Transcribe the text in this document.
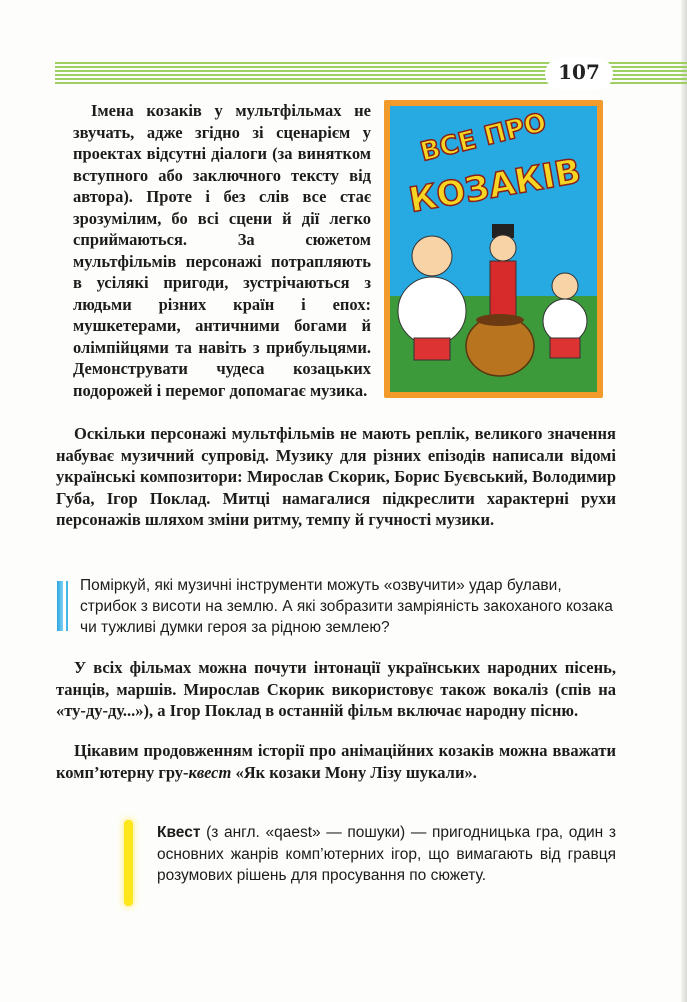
107

Імена козаків у мультфільмах не звучать, адже згідно зі сценарієм у проектах відсутні діалоги (за винятком вступного або заключного тексту від автора). Проте і без слів все стає зрозумілим, бо всі сцени й дії легко сприймаються. За сюжетом мультфільмів персонажі потрапляють в усілякі пригоди, зустрічаються з людьми різних країн і епох: мушкетерами, античними богами й олімпійцями та навіть з прибульцями. Демонструвати чудеса козацьких подорожей і перемог допомагає музика.

ВСЕ ПРО
КОЗАКІВ

Оскільки персонажі мультфільмів не мають реплік, великого значення набуває музичний супровід. Музику для різних епізодів написали відомі українські композитори: Мирослав Скорик, Борис Буєвський, Володимир Губа, Ігор Поклад. Митці намагалися підкреслити характерні рухи персонажів шляхом зміни ритму, темпу й гучності музики.

Поміркуй, які музичні інструменти можуть «озвучити» удар булави, стрибок з висоти на землю. А які зобразити замріяність закоханого козака чи тужливі думки героя за рідною землею?

У всіх фільмах можна почути інтонації українських народних пісень, танців, маршів. Мирослав Скорик використовує також вокаліз (спів на «ту-ду-ду...»), а Ігор Поклад в останній фільм включає народну пісню.

Цікавим продовженням історії про анімаційних козаків можна вважати комп’ютерну гру-квест «Як козаки Мону Лізу шукали».

Квест (з англ. «qaest» — пошуки) — пригодницька гра, один з основних жанрів комп’ютерних ігор, що вимагають від гравця розумових рішень для просування по сюжету.
